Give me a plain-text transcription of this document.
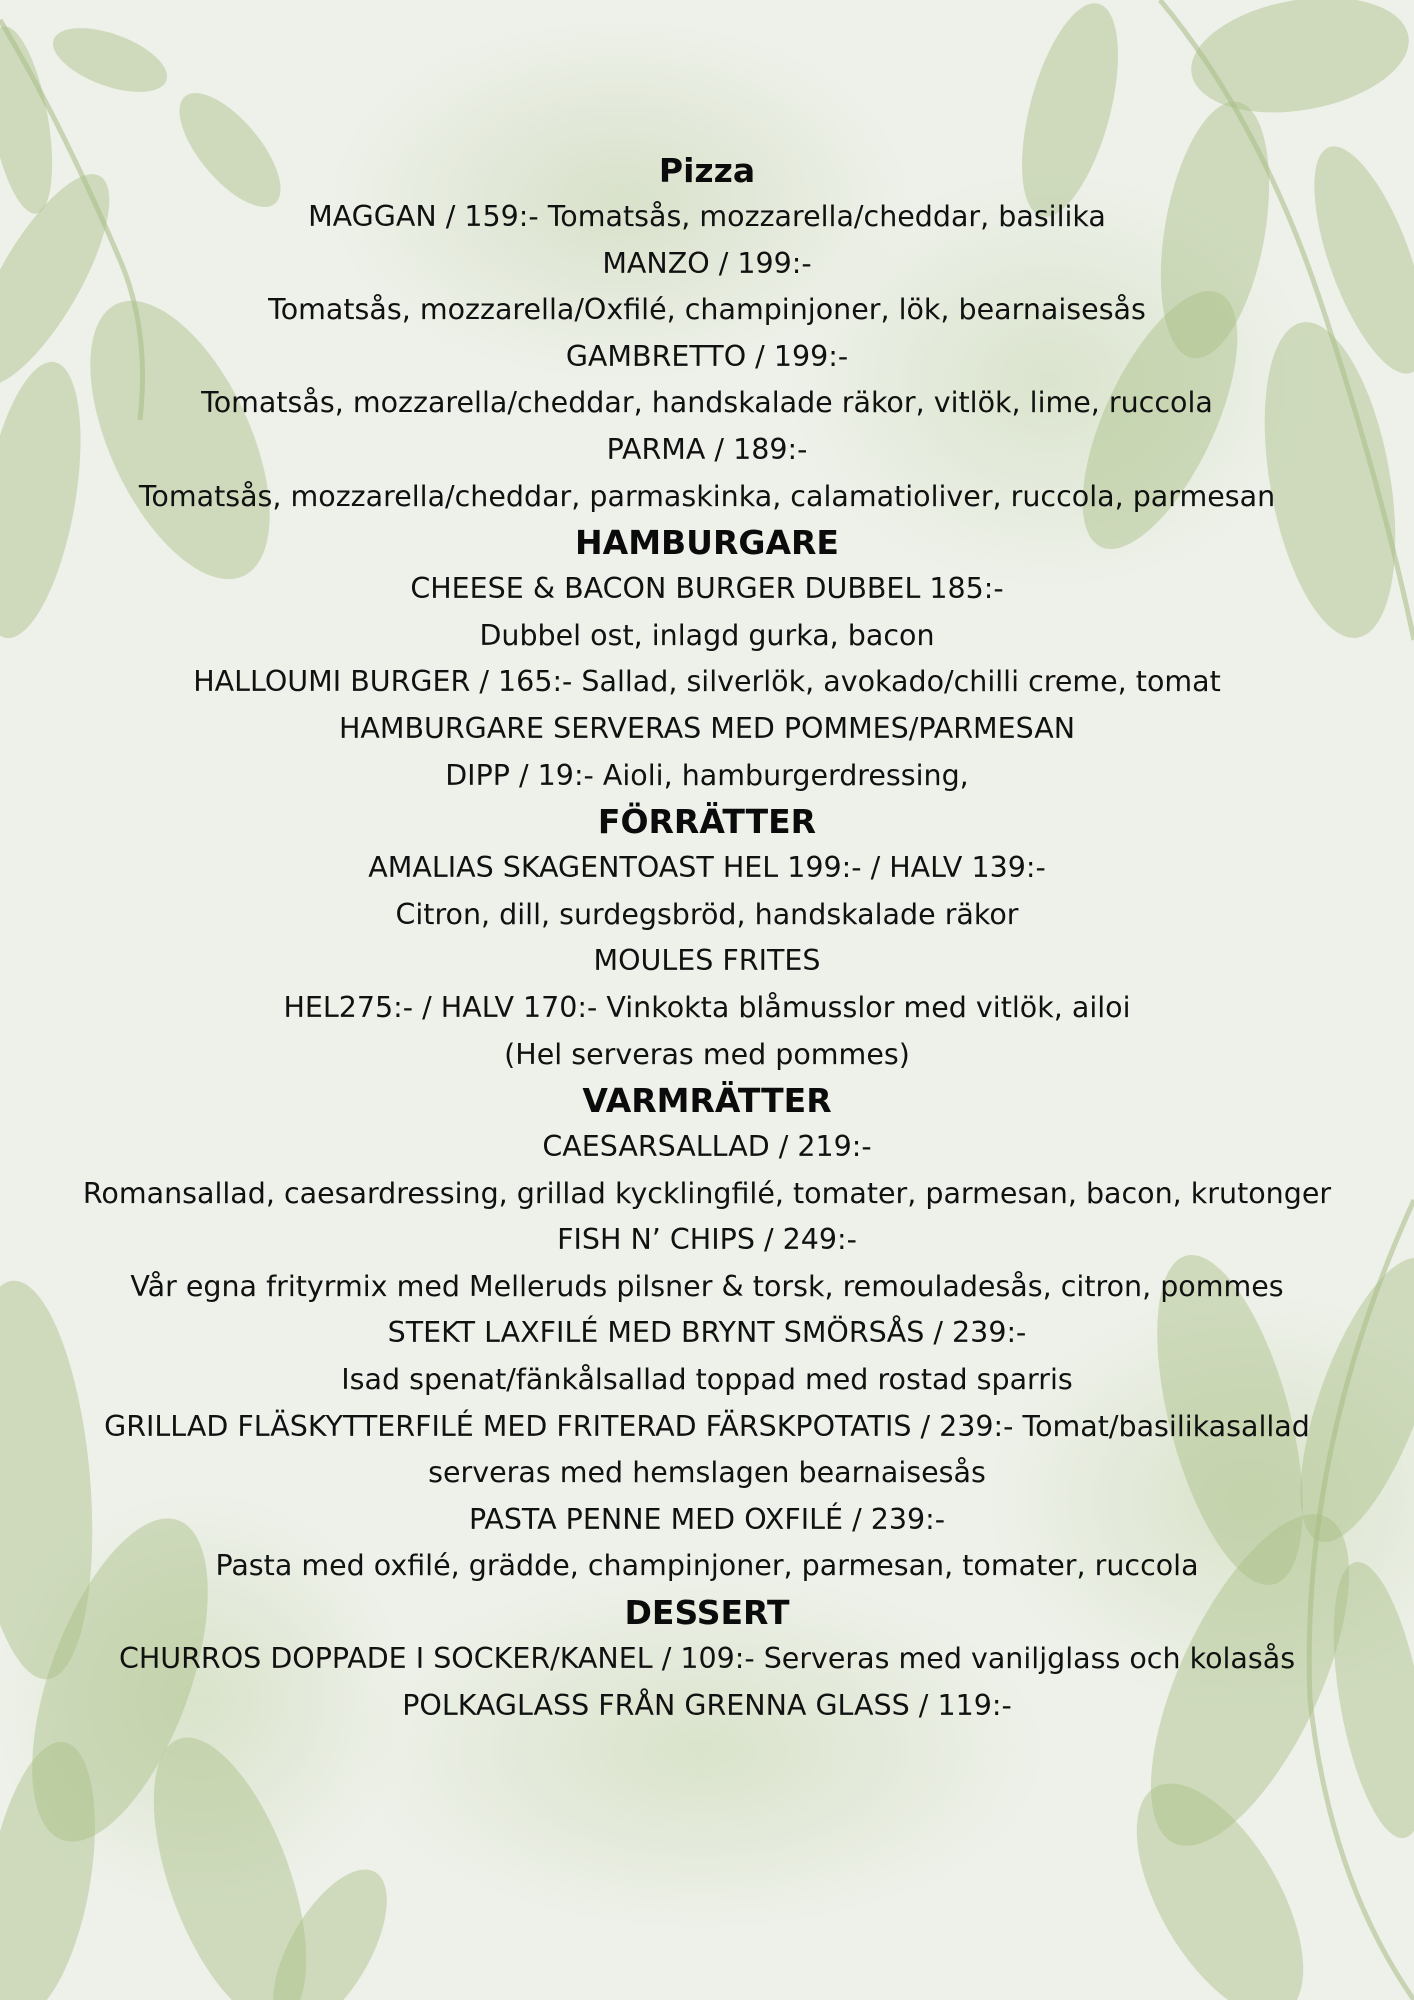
Pizza

MAGGAN / 159:- Tomatsås, mozzarella/cheddar, basilika

MANZO / 199:-

Tomatsås, mozzarella/Oxfilé, champinjoner, lök, bearnaisesås

GAMBRETTO / 199:-

Tomatsås, mozzarella/cheddar, handskalade räkor, vitlök, lime, ruccola

PARMA / 189:-

Tomatsås, mozzarella/cheddar, parmaskinka, calamatioliver, ruccola, parmesan

HAMBURGARE

CHEESE & BACON BURGER DUBBEL 185:-

Dubbel ost, inlagd gurka, bacon

HALLOUMI BURGER / 165:- Sallad, silverlök, avokado/chilli creme, tomat

HAMBURGARE SERVERAS MED POMMES/PARMESAN

DIPP / 19:- Aioli, hamburgerdressing,

FÖRRÄTTER

AMALIAS SKAGENTOAST HEL 199:- / HALV 139:-

Citron, dill, surdegsbröd, handskalade räkor

MOULES FRITES

HEL275:- / HALV 170:- Vinkokta blåmusslor med vitlök, ailoi

(Hel serveras med pommes)

VARMRÄTTER

CAESARSALLAD / 219:-

Romansallad, caesardressing, grillad kycklingfilé, tomater, parmesan, bacon, krutonger

FISH N’ CHIPS / 249:-

Vår egna frityrmix med Melleruds pilsner & torsk, remouladesås, citron, pommes

STEKT LAXFILÉ MED BRYNT SMÖRSÅS / 239:-

Isad spenat/fänkålsallad toppad med rostad sparris

GRILLAD FLÄSKYTTERFILÉ MED FRITERAD FÄRSKPOTATIS / 239:- Tomat/basilikasallad

serveras med hemslagen bearnaisesås

PASTA PENNE MED OXFILÉ / 239:-

Pasta med oxfilé, grädde, champinjoner, parmesan, tomater, ruccola

DESSERT

CHURROS DOPPADE I SOCKER/KANEL / 109:- Serveras med vaniljglass och kolasås

POLKAGLASS FRÅN GRENNA GLASS / 119:-
